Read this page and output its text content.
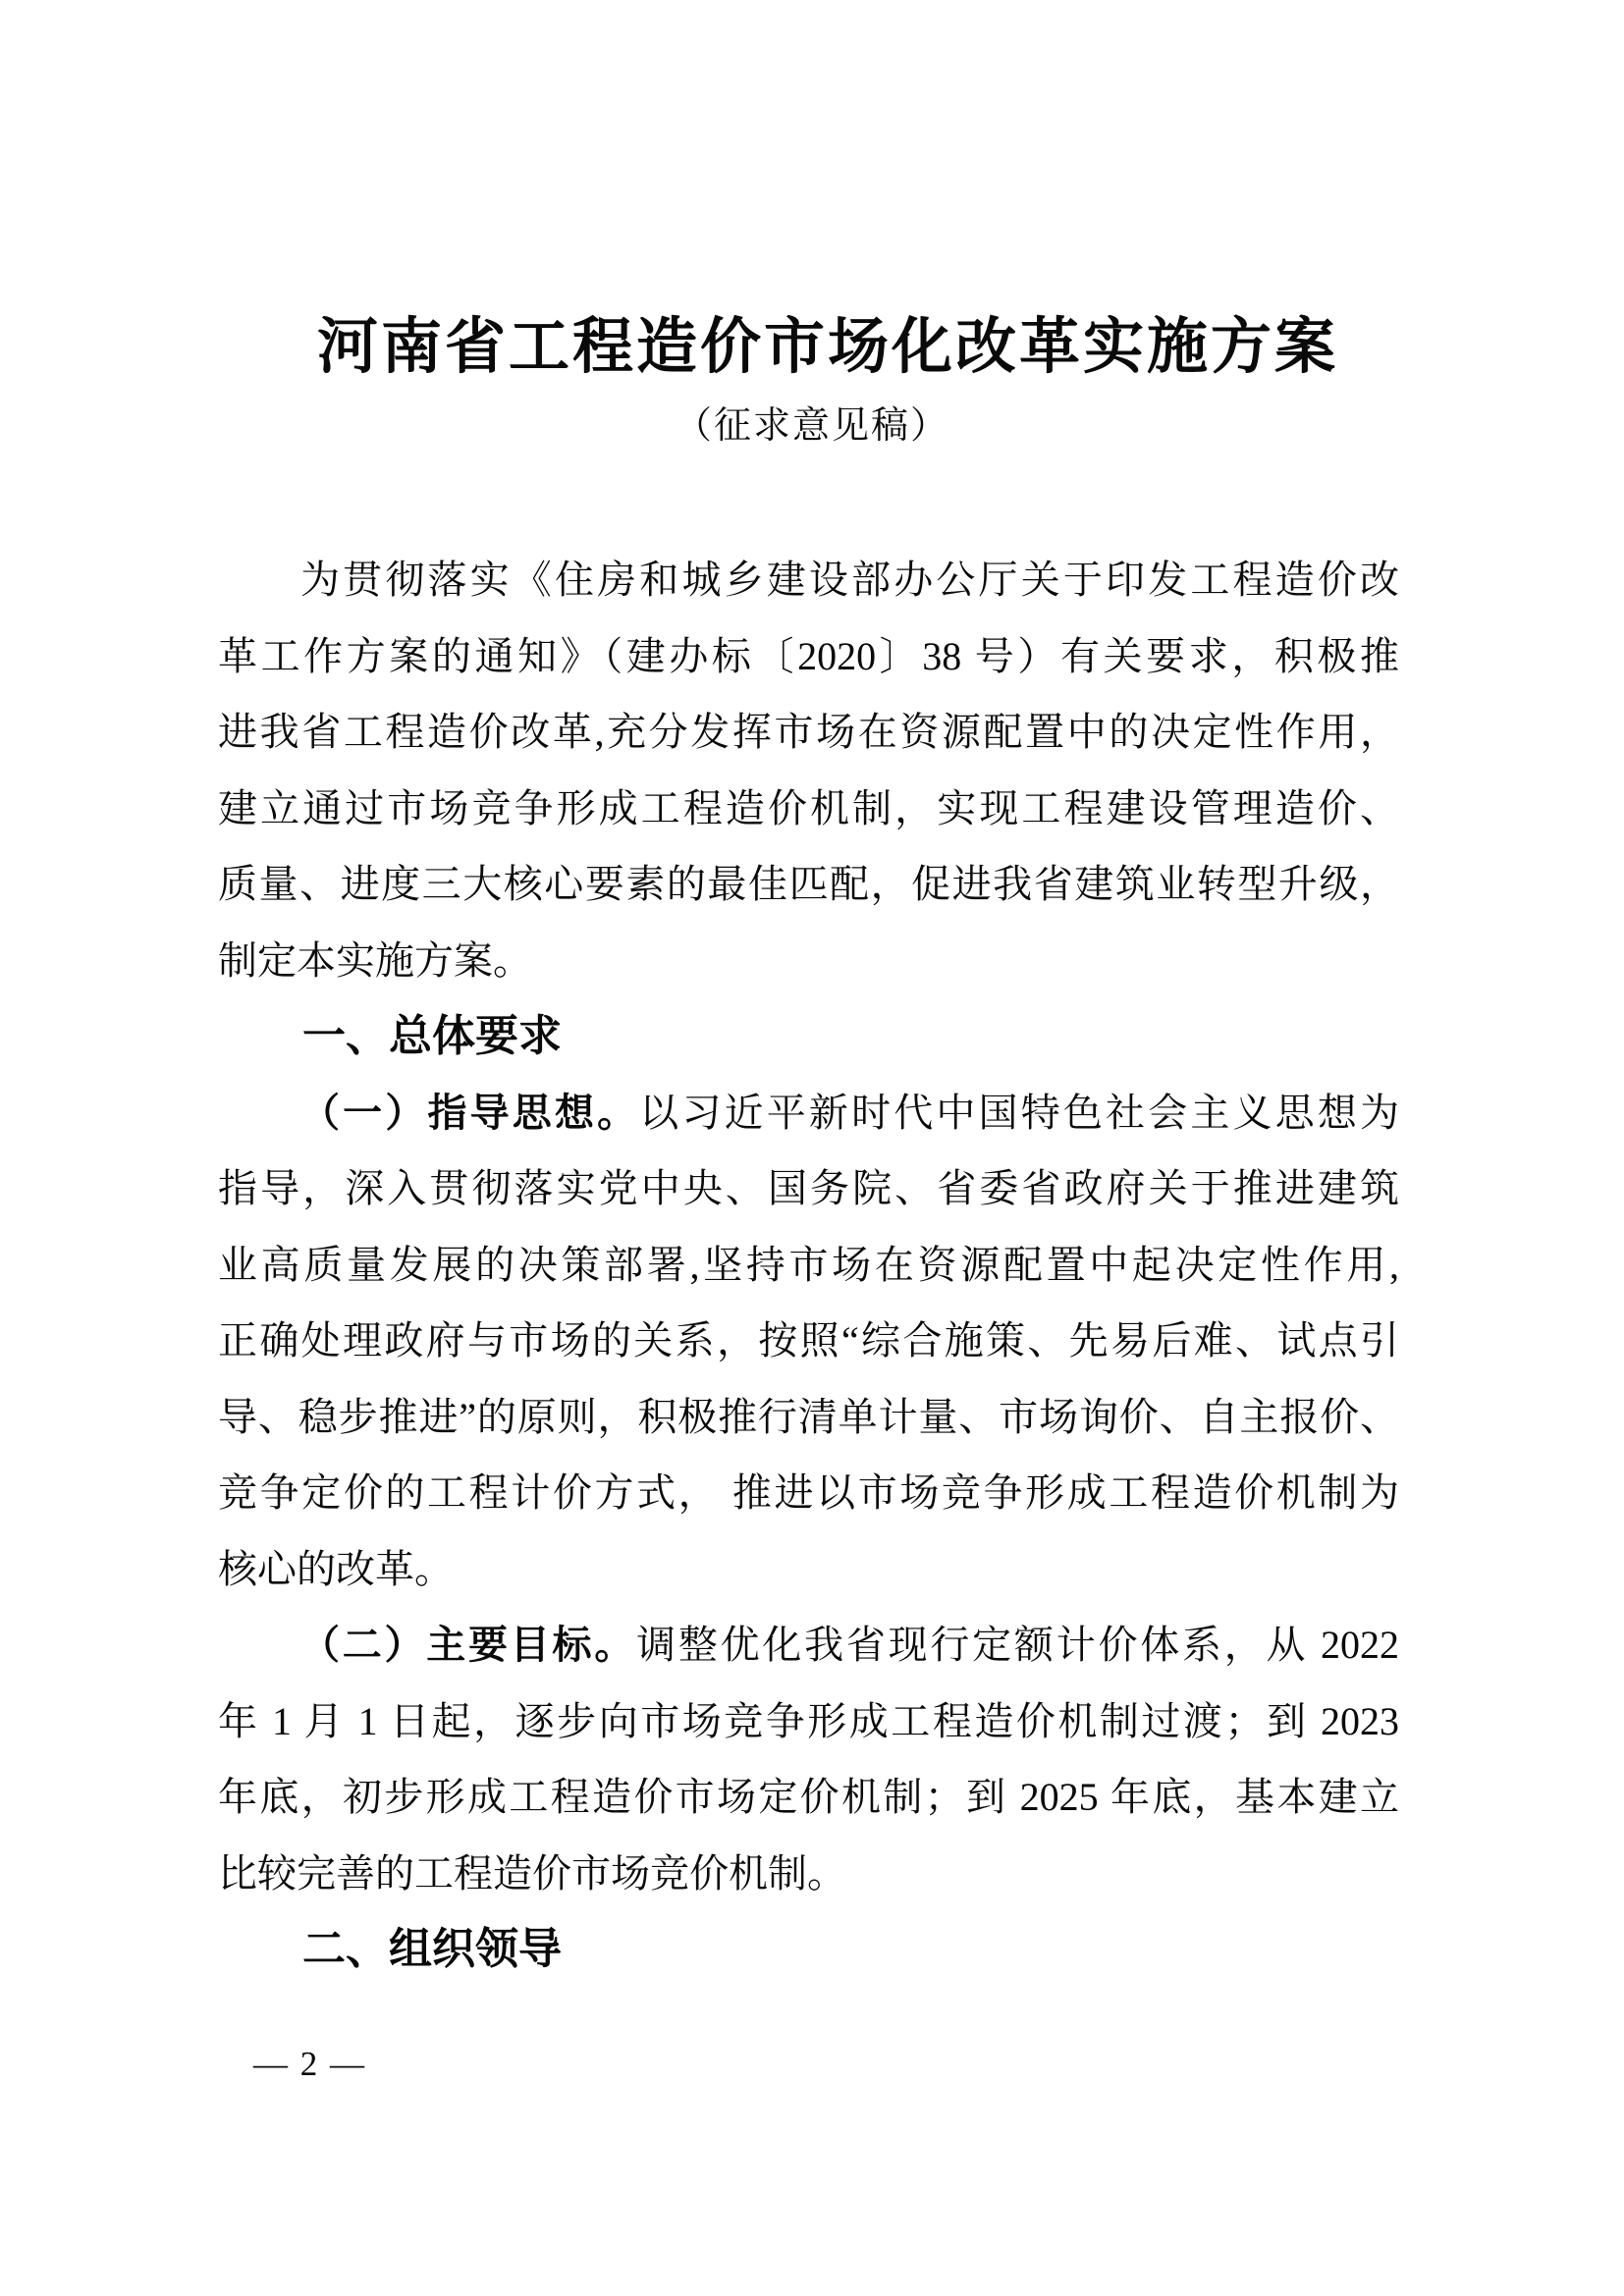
河南省工程造价市场化改革实施方案
（征求意见稿）
为贯彻落实《住房和城乡建设部办公厅关于印发工程造价改
革工作方案的通知》（建办标〔2020〕38 号）有关要求，积极推
进我省工程造价改革,充分发挥市场在资源配置中的决定性作用，
建立通过市场竞争形成工程造价机制，实现工程建设管理造价、
质量、进度三大核心要素的最佳匹配，促进我省建筑业转型升级，
制定本实施方案。
一、总体要求
（一）指导思想。以习近平新时代中国特色社会主义思想为
指导，深入贯彻落实党中央、国务院、省委省政府关于推进建筑
业高质量发展的决策部署,坚持市场在资源配置中起决定性作用,
正确处理政府与市场的关系，按照“综合施策、先易后难、试点引
导、稳步推进”的原则，积极推行清单计量、市场询价、自主报价、
竞争定价的工程计价方式， 推进以市场竞争形成工程造价机制为
核心的改革。
（二）主要目标。调整优化我省现行定额计价体系，从 2022
年 1 月 1 日起，逐步向市场竞争形成工程造价机制过渡；到 2023
年底，初步形成工程造价市场定价机制；到 2025 年底，基本建立
比较完善的工程造价市场竞价机制。
二、组织领导
— 2 —
